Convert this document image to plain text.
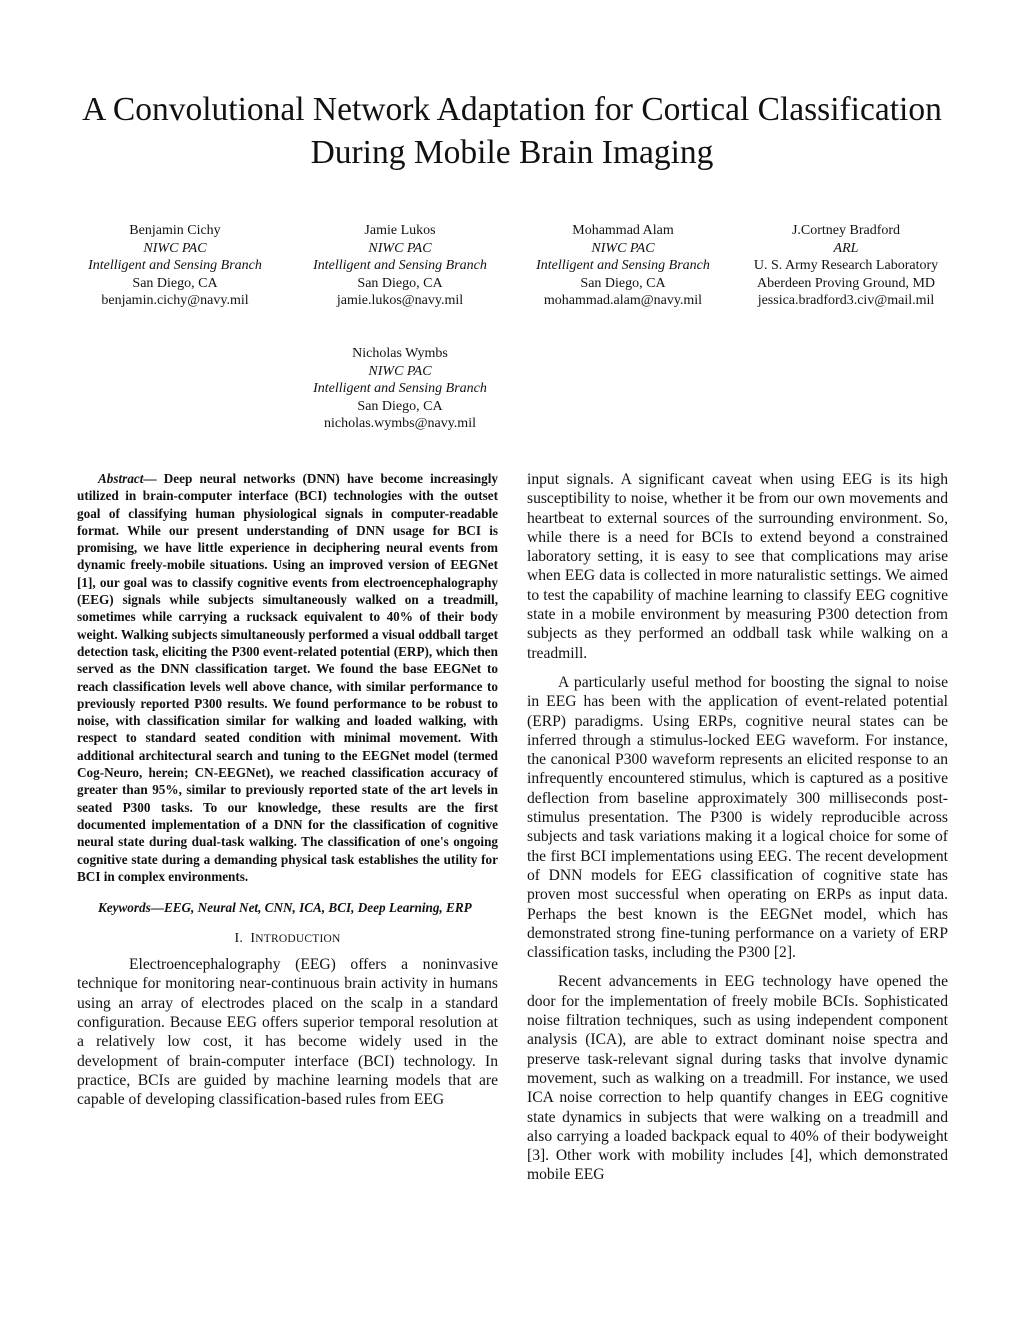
A Convolutional Network Adaptation for Cortical Classification During Mobile Brain Imaging
Benjamin Cichy
NIWC PAC
Intelligent and Sensing Branch
San Diego, CA
benjamin.cichy@navy.mil
Jamie Lukos
NIWC PAC
Intelligent and Sensing Branch
San Diego, CA
jamie.lukos@navy.mil
Mohammad Alam
NIWC PAC
Intelligent and Sensing Branch
San Diego, CA
mohammad.alam@navy.mil
J.Cortney Bradford
ARL
U. S. Army Research Laboratory
Aberdeen Proving Ground, MD
jessica.bradford3.civ@mail.mil
Nicholas Wymbs
NIWC PAC
Intelligent and Sensing Branch
San Diego, CA
nicholas.wymbs@navy.mil

Abstract— Deep neural networks (DNN) have become increasingly utilized in brain-computer interface (BCI) technologies with the outset goal of classifying human physiological signals in computer-readable format. While our present understanding of DNN usage for BCI is promising, we have little experience in deciphering neural events from dynamic freely-mobile situations. Using an improved version of EEGNet [1], our goal was to classify cognitive events from electroencephalography (EEG) signals while subjects simultaneously walked on a treadmill, sometimes while carrying a rucksack equivalent to 40% of their body weight. Walking subjects simultaneously performed a visual oddball target detection task, eliciting the P300 event-related potential (ERP), which then served as the DNN classification target. We found the base EEGNet to reach classification levels well above chance, with similar performance to previously reported P300 results. We found performance to be robust to noise, with classification similar for walking and loaded walking, with respect to standard seated condition with minimal movement. With additional architectural search and tuning to the EEGNet model (termed Cog-Neuro, herein; CN-EEGNet), we reached classification accuracy of greater than 95%, similar to previously reported state of the art levels in seated P300 tasks. To our knowledge, these results are the first documented implementation of a DNN for the classification of cognitive neural state during dual-task walking. The classification of one's ongoing cognitive state during a demanding physical task establishes the utility for BCI in complex environments.

Keywords—EEG, Neural Net, CNN, ICA, BCI, Deep Learning, ERP

I. INTRODUCTION

Electroencephalography (EEG) offers a noninvasive technique for monitoring near-continuous brain activity in humans using an array of electrodes placed on the scalp in a standard configuration. Because EEG offers superior temporal resolution at a relatively low cost, it has become widely used in the development of brain-computer interface (BCI) technology. In practice, BCIs are guided by machine learning models that are capable of developing classification-based rules from EEG

input signals. A significant caveat when using EEG is its high susceptibility to noise, whether it be from our own movements and heartbeat to external sources of the surrounding environment. So, while there is a need for BCIs to extend beyond a constrained laboratory setting, it is easy to see that complications may arise when EEG data is collected in more naturalistic settings. We aimed to test the capability of machine learning to classify EEG cognitive state in a mobile environment by measuring P300 detection from subjects as they performed an oddball task while walking on a treadmill.

A particularly useful method for boosting the signal to noise in EEG has been with the application of event-related potential (ERP) paradigms. Using ERPs, cognitive neural states can be inferred through a stimulus-locked EEG waveform. For instance, the canonical P300 waveform represents an elicited response to an infrequently encountered stimulus, which is captured as a positive deflection from baseline approximately 300 milliseconds post-stimulus presentation. The P300 is widely reproducible across subjects and task variations making it a logical choice for some of the first BCI implementations using EEG. The recent development of DNN models for EEG classification of cognitive state has proven most successful when operating on ERPs as input data. Perhaps the best known is the EEGNet model, which has demonstrated strong fine-tuning performance on a variety of ERP classification tasks, including the P300 [2].

Recent advancements in EEG technology have opened the door for the implementation of freely mobile BCIs. Sophisticated noise filtration techniques, such as using independent component analysis (ICA), are able to extract dominant noise spectra and preserve task-relevant signal during tasks that involve dynamic movement, such as walking on a treadmill. For instance, we used ICA noise correction to help quantify changes in EEG cognitive state dynamics in subjects that were walking on a treadmill and also carrying a loaded backpack equal to 40% of their bodyweight [3]. Other work with mobility includes [4], which demonstrated mobile EEG
